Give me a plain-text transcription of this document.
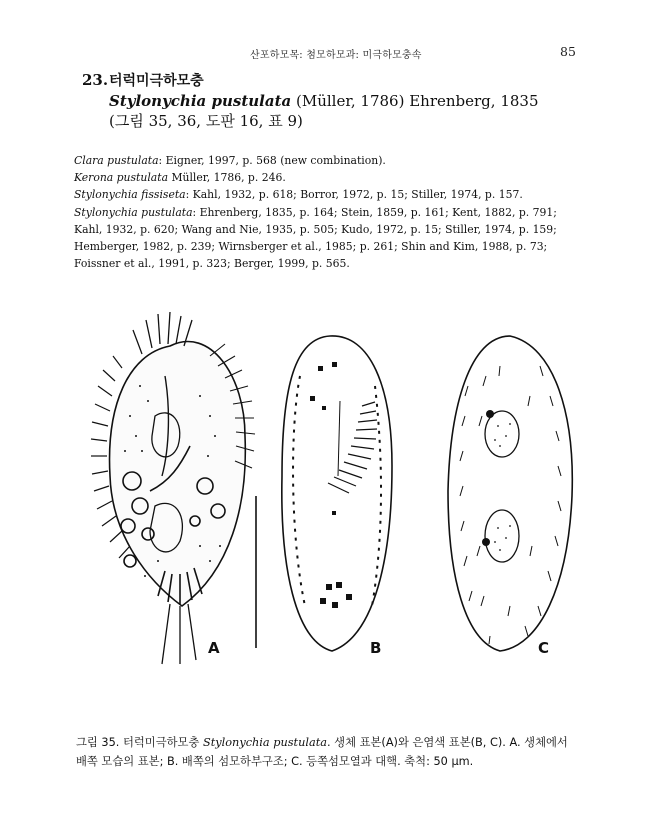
산포하모목: 첨모하모과: 미극하모충속	85
23.터럭미극하모충
Stylonychia pustulata (Müller, 1786) Ehrenberg, 1835
(그림 35, 36, 도판 16, 표 9)
Clara pustulata: Eigner, 1997, p. 568 (new combination).
Kerona pustulata Müller, 1786, p. 246.
Stylonychia fissiseta: Kahl, 1932, p. 618; Borror, 1972, p. 15; Stiller, 1974, p. 157.
Stylonychia pustulata: Ehrenberg, 1835, p. 164; Stein, 1859, p. 161; Kent, 1882, p. 791; Kahl, 1932, p. 620; Wang and Nie, 1935, p. 505; Kudo, 1972, p. 15; Stiller, 1974, p. 159; Hemberger, 1982, p. 239; Wirnsberger et al., 1985; p. 261; Shin and Kim, 1988, p. 73; Foissner et al., 1991, p. 323; Berger, 1999, p. 565.
A	B	C
그림 35. 터럭미극하모충 Stylonychia pustulata. 생체 표본(A)와 은염색 표본(B, C). A. 생체에서 배쪽 모습의 표본; B. 배쪽의 섬모하부구조; C. 등쪽섬모열과 대핵. 축척: 50 μm.
